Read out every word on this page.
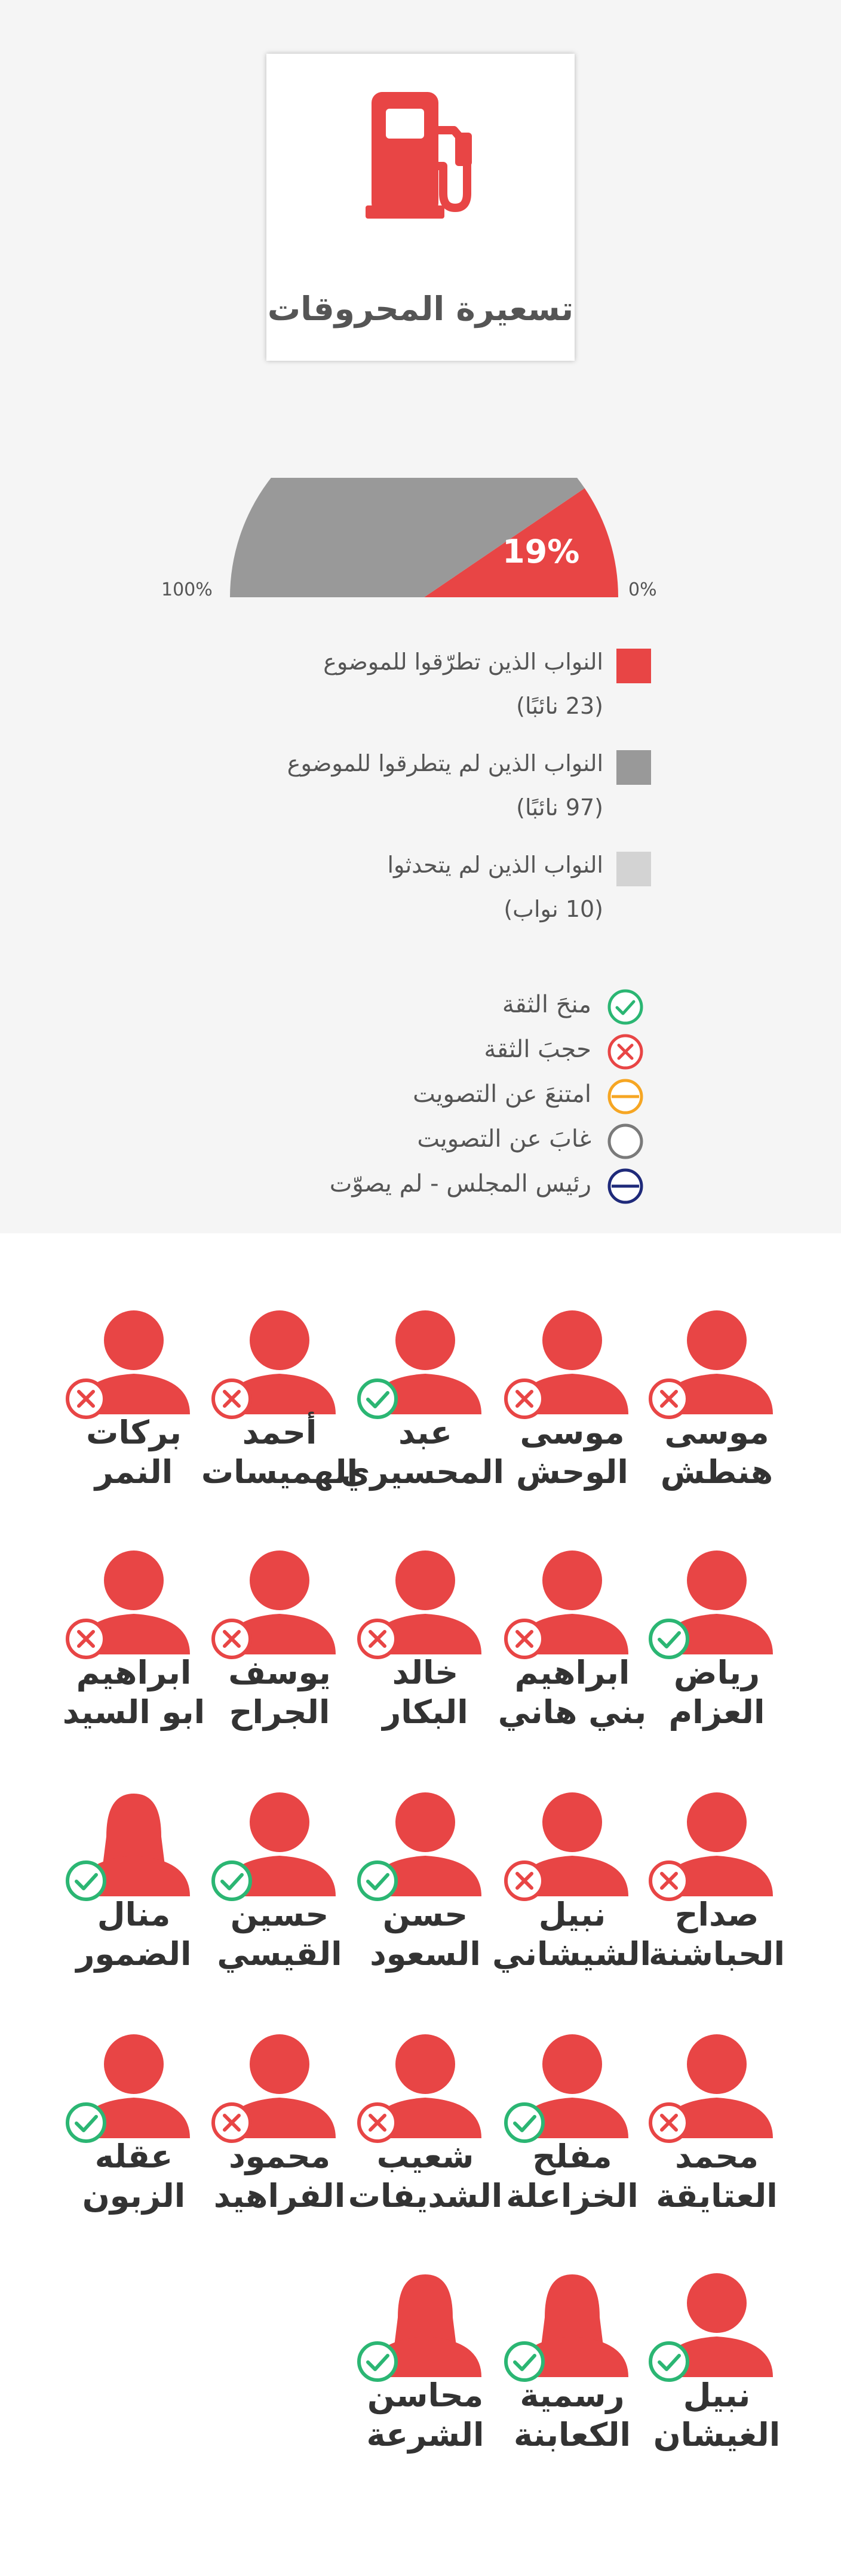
تسعيرة المحروقات
19%
100%	0%
النواب الذين تطرّقوا للموضوع
(23 نائبًا)
النواب الذين لم يتطرقوا للموضوع
(97 نائبًا)
النواب الذين لم يتحدثوا
(10 نواب)
منحَ الثقة
حجبَ الثقة
امتنعَ عن التصويت
غابَ عن التصويت
رئيس المجلس - لم يصوّت
موسى
هنطش
موسى
الوحش
عبد
المحسيري
أحمد
الهميسات
بركات
النمر
رياض
العزام
ابراهيم
بني هاني
خالد
البكار
يوسف
الجراح
ابراهيم
ابو السيد
صداح
الحباشنة
نبيل
الشيشاني
حسن
السعود
حسين
القيسي
منال
الضمور
محمد
العتايقة
مفلح
الخزاعلة
شعيب
الشديفات
محمود
الفراهيد
عقله
الزبون
نبيل
الغيشان
رسمية
الكعابنة
محاسن
الشرعة
